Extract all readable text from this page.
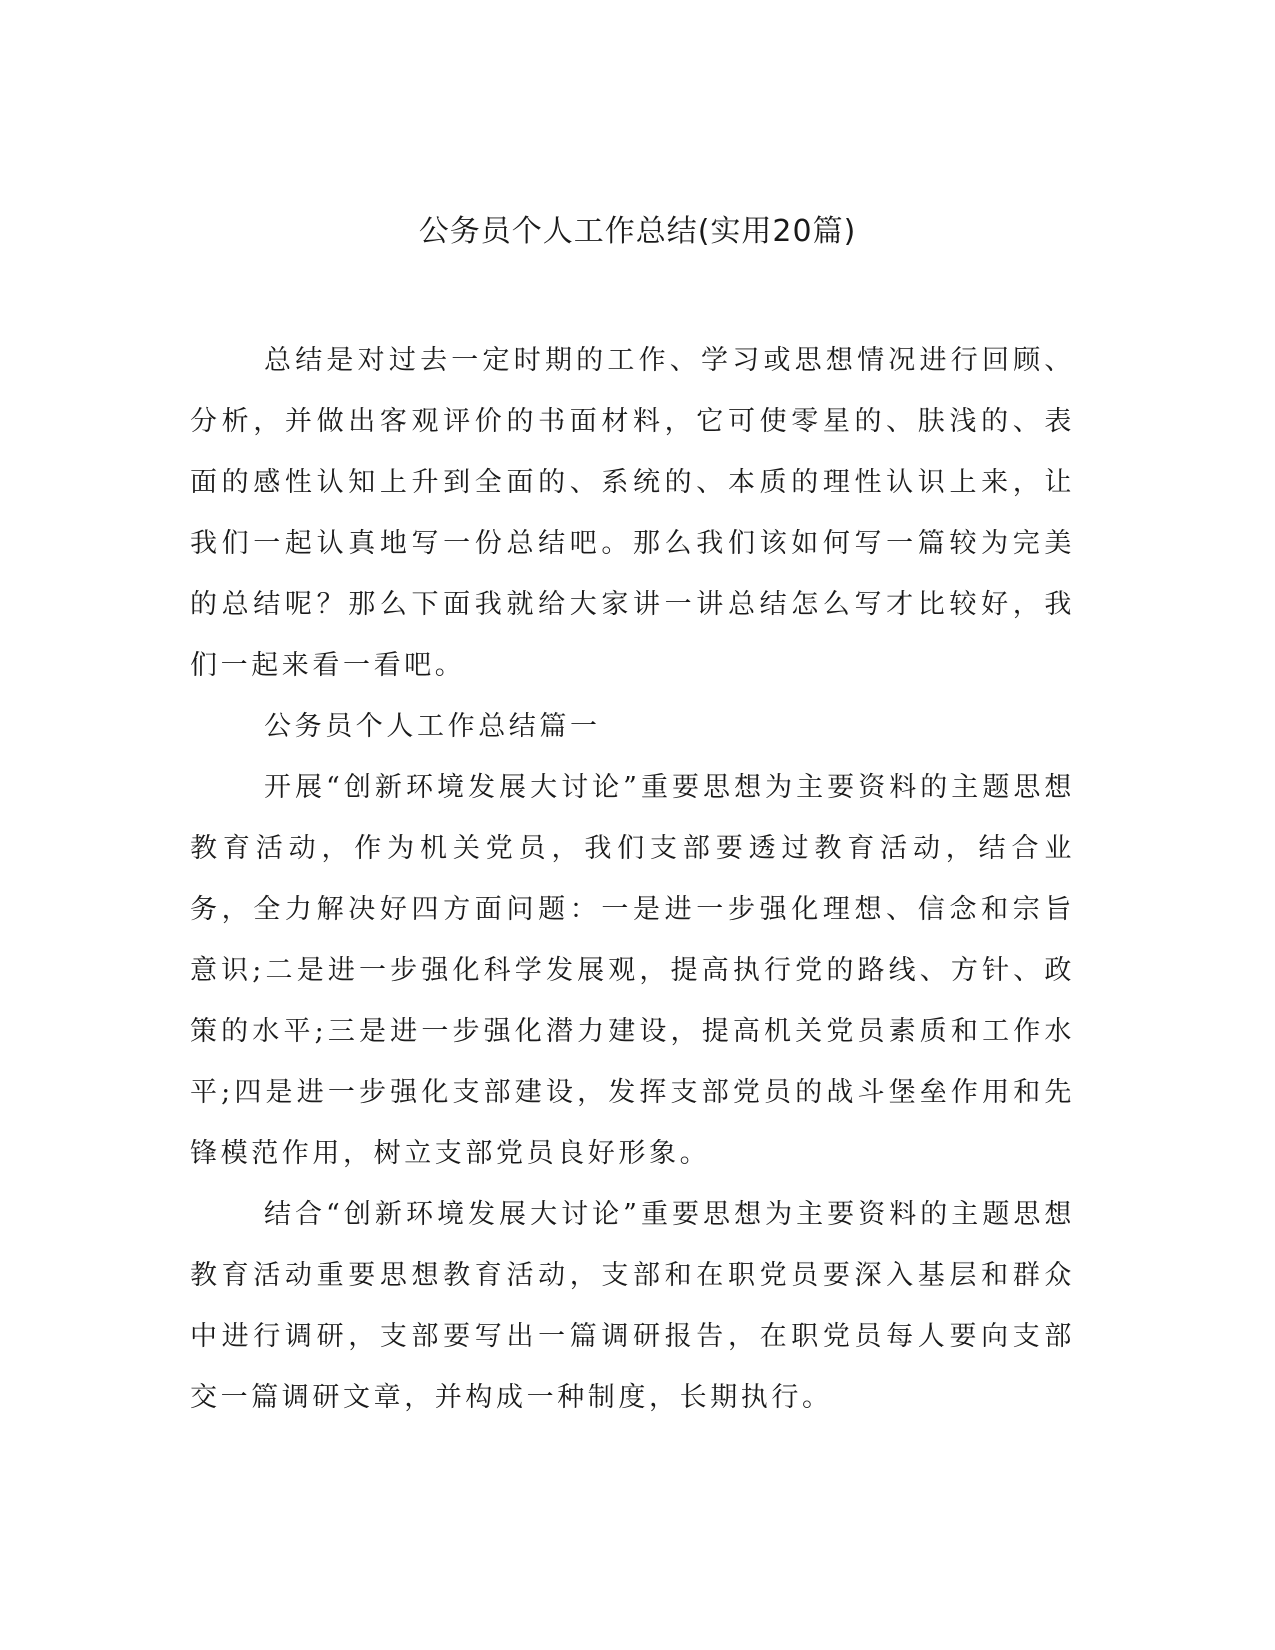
公务员个人工作总结(实用20篇)

总结是对过去一定时期的工作、学习或思想情况进行回顾、分析，并做出客观评价的书面材料，它可使零星的、肤浅的、表面的感性认知上升到全面的、系统的、本质的理性认识上来，让我们一起认真地写一份总结吧。那么我们该如何写一篇较为完美的总结呢？那么下面我就给大家讲一讲总结怎么写才比较好，我们一起来看一看吧。

公务员个人工作总结篇一

开展“创新环境发展大讨论”重要思想为主要资料的主题思想教育活动，作为机关党员，我们支部要透过教育活动，结合业务，全力解决好四方面问题：一是进一步强化理想、信念和宗旨意识;二是进一步强化科学发展观，提高执行党的路线、方针、政策的水平;三是进一步强化潜力建设，提高机关党员素质和工作水平;四是进一步强化支部建设，发挥支部党员的战斗堡垒作用和先锋模范作用，树立支部党员良好形象。

结合“创新环境发展大讨论”重要思想为主要资料的主题思想教育活动重要思想教育活动，支部和在职党员要深入基层和群众中进行调研，支部要写出一篇调研报告，在职党员每人要向支部交一篇调研文章，并构成一种制度，长期执行。
